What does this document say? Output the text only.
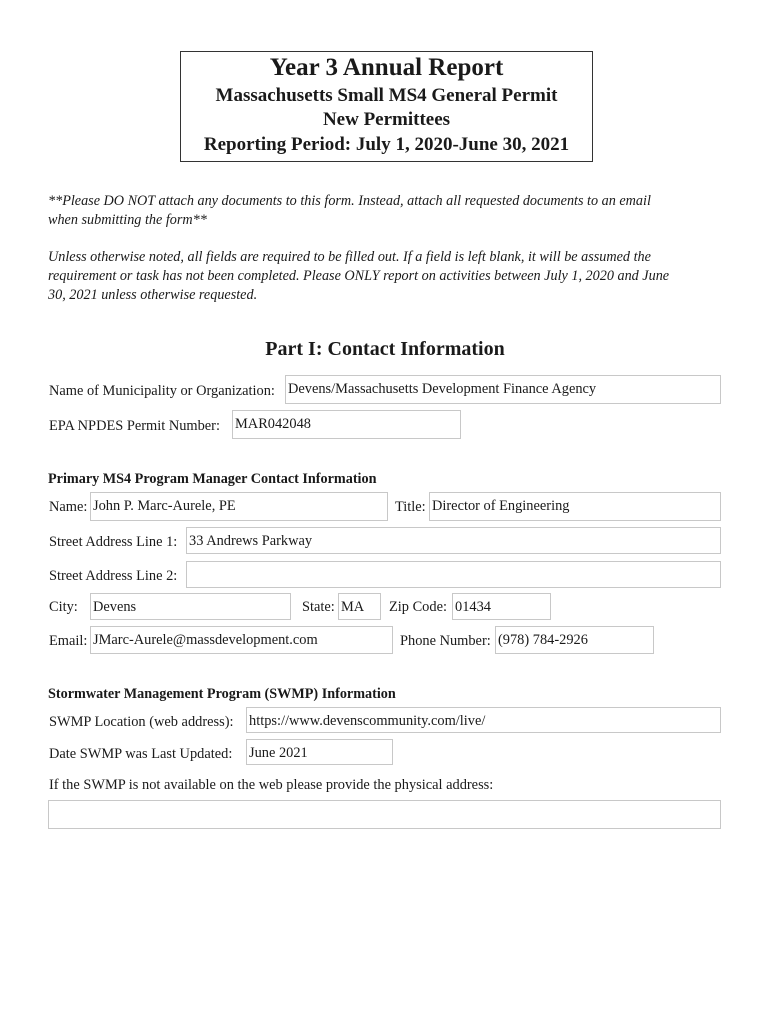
Year 3 Annual Report
Massachusetts Small MS4 General Permit
New Permittees
Reporting Period: July 1, 2020-June 30, 2021
**Please DO NOT attach any documents to this form. Instead, attach all requested documents to an email
when submitting the form**
Unless otherwise noted, all fields are required to be filled out. If a field is left blank, it will be assumed the
requirement or task has not been completed. Please ONLY report on activities between July 1, 2020 and June
30, 2021 unless otherwise requested.
Part I: Contact Information
Name of Municipality or Organization: Devens/Massachusetts Development Finance Agency
EPA NPDES Permit Number: MAR042048
Primary MS4 Program Manager Contact Information
Name: John P. Marc-Aurele, PE	Title: Director of Engineering
Street Address Line 1: 33 Andrews Parkway
Street Address Line 2:
City: Devens	State: MA	Zip Code: 01434
Email: JMarc-Aurele@massdevelopment.com	Phone Number: (978) 784-2926
Stormwater Management Program (SWMP) Information
SWMP Location (web address): https://www.devenscommunity.com/live/
Date SWMP was Last Updated: June 2021
If the SWMP is not available on the web please provide the physical address:
